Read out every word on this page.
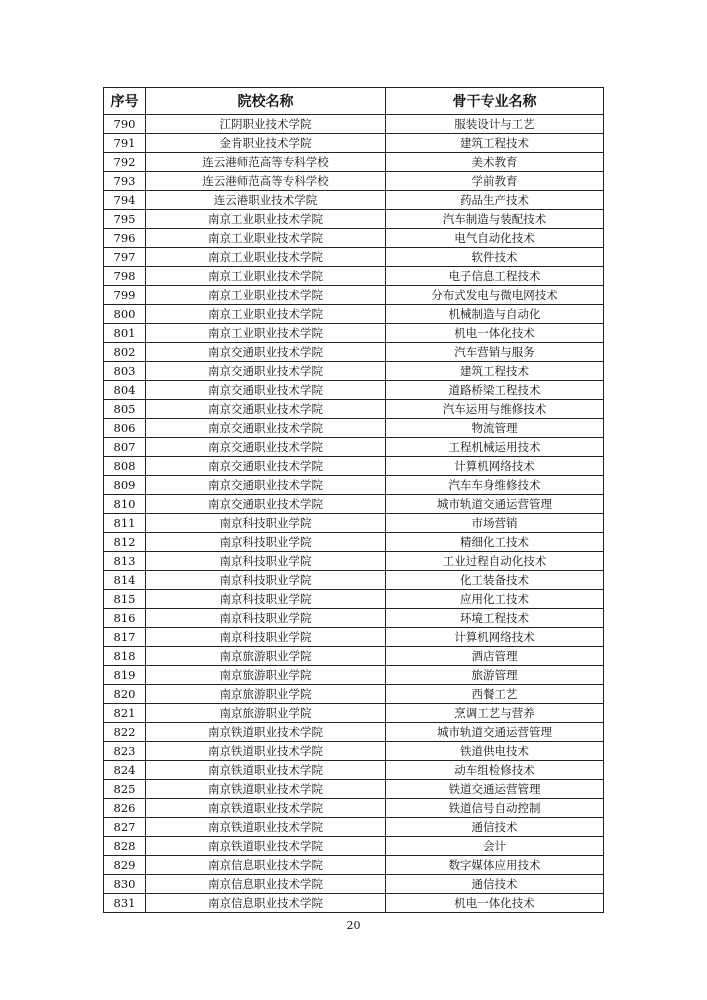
序号	院校名称	骨干专业名称
790	江阴职业技术学院	服装设计与工艺
791	金肯职业技术学院	建筑工程技术
792	连云港师范高等专科学校	美术教育
793	连云港师范高等专科学校	学前教育
794	连云港职业技术学院	药品生产技术
795	南京工业职业技术学院	汽车制造与装配技术
796	南京工业职业技术学院	电气自动化技术
797	南京工业职业技术学院	软件技术
798	南京工业职业技术学院	电子信息工程技术
799	南京工业职业技术学院	分布式发电与微电网技术
800	南京工业职业技术学院	机械制造与自动化
801	南京工业职业技术学院	机电一体化技术
802	南京交通职业技术学院	汽车营销与服务
803	南京交通职业技术学院	建筑工程技术
804	南京交通职业技术学院	道路桥梁工程技术
805	南京交通职业技术学院	汽车运用与维修技术
806	南京交通职业技术学院	物流管理
807	南京交通职业技术学院	工程机械运用技术
808	南京交通职业技术学院	计算机网络技术
809	南京交通职业技术学院	汽车车身维修技术
810	南京交通职业技术学院	城市轨道交通运营管理
811	南京科技职业学院	市场营销
812	南京科技职业学院	精细化工技术
813	南京科技职业学院	工业过程自动化技术
814	南京科技职业学院	化工装备技术
815	南京科技职业学院	应用化工技术
816	南京科技职业学院	环境工程技术
817	南京科技职业学院	计算机网络技术
818	南京旅游职业学院	酒店管理
819	南京旅游职业学院	旅游管理
820	南京旅游职业学院	西餐工艺
821	南京旅游职业学院	烹调工艺与营养
822	南京铁道职业技术学院	城市轨道交通运营管理
823	南京铁道职业技术学院	铁道供电技术
824	南京铁道职业技术学院	动车组检修技术
825	南京铁道职业技术学院	铁道交通运营管理
826	南京铁道职业技术学院	铁道信号自动控制
827	南京铁道职业技术学院	通信技术
828	南京铁道职业技术学院	会计
829	南京信息职业技术学院	数字媒体应用技术
830	南京信息职业技术学院	通信技术
831	南京信息职业技术学院	机电一体化技术
20
